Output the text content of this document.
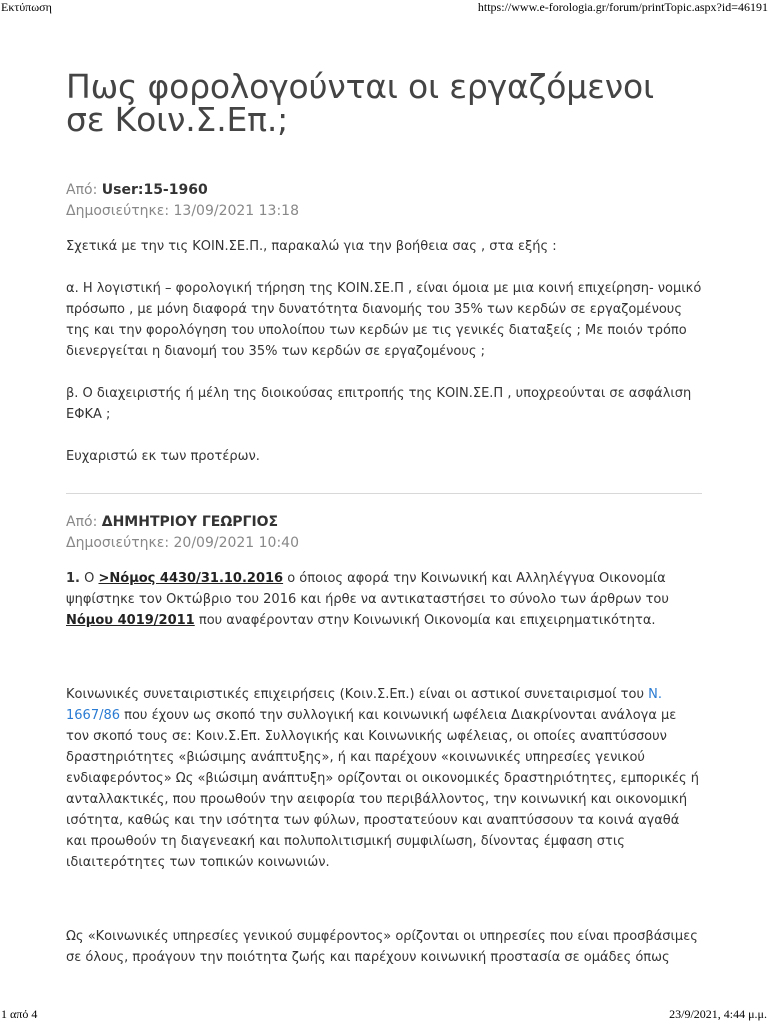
Εκτύπωση	https://www.e-forologia.gr/forum/printTopic.aspx?id=46191
Πως φορολογούνται οι εργαζόμενοι σε Κοιν.Σ.Επ.;
Από: User:15-1960
Δημοσιεύτηκε: 13/09/2021 13:18

Σχετικά με την τις ΚΟΙΝ.ΣΕ.Π., παρακαλώ για την βοήθεια σας , στα εξής :

α. Η λογιστική – φορολογική τήρηση της ΚΟΙΝ.ΣΕ.Π , είναι όμοια με μια κοινή επιχείρηση- νομικό πρόσωπο , με μόνη διαφορά την δυνατότητα διανομής του 35% των κερδών σε εργαζομένους της και την φορολόγηση του υπολοίπου των κερδών με τις γενικές διαταξείς ; Με ποιόν τρόπο διενεργείται η διανομή του 35% των κερδών σε εργαζομένους ;

β. Ο διαχειριστής ή μέλη της διοικούσας επιτροπής της ΚΟΙΝ.ΣΕ.Π , υποχρεούνται σε ασφάλιση ΕΦΚΑ ;

Ευχαριστώ εκ των προτέρων.

Από: ΔΗΜΗΤΡΙΟΥ ΓΕΩΡΓΙΟΣ
Δημοσιεύτηκε: 20/09/2021 10:40

1. Ο >Νόμος 4430/31.10.2016 ο όποιος αφορά την Κοινωνική και Αλληλέγγυα Οικονομία ψηφίστηκε τον Οκτώβριο του 2016 και ήρθε να αντικαταστήσει το σύνολο των άρθρων του Νόμου 4019/2011 που αναφέρονταν στην Κοινωνική Οικονομία και επιχειρηματικότητα.

Κοινωνικές συνεταιριστικές επιχειρήσεις (Κοιν.Σ.Επ.) είναι οι αστικοί συνεταιρισμοί του Ν. 1667/86 που έχουν ως σκοπό την συλλογική και κοινωνική ωφέλεια Διακρίνονται ανάλογα με τον σκοπό τους σε: Κοιν.Σ.Επ. Συλλογικής και Κοινωνικής ωφέλειας, οι οποίες αναπτύσσουν δραστηριότητες «βιώσιμης ανάπτυξης», ή και παρέχουν «κοινωνικές υπηρεσίες γενικού ενδιαφερόντος» Ως «βιώσιμη ανάπτυξη» ορίζονται οι οικονομικές δραστηριότητες, εμπορικές ή ανταλλακτικές, που προωθούν την αειφορία του περιβάλλοντος, την κοινωνική και οικονομική ισότητα, καθώς και την ισότητα των φύλων, προστατεύουν και αναπτύσσουν τα κοινά αγαθά και προωθούν τη διαγενεακή και πολυπολιτισμική συμφιλίωση, δίνοντας έμφαση στις ιδιαιτερότητες των τοπικών κοινωνιών.

Ως «Κοινωνικές υπηρεσίες γενικού συμφέροντος» ορίζονται οι υπηρεσίες που είναι προσβάσιμες σε όλους, προάγουν την ποιότητα ζωής και παρέχουν κοινωνική προστασία σε ομάδες όπως

1 από 4	23/9/2021, 4:44 μ.μ.
